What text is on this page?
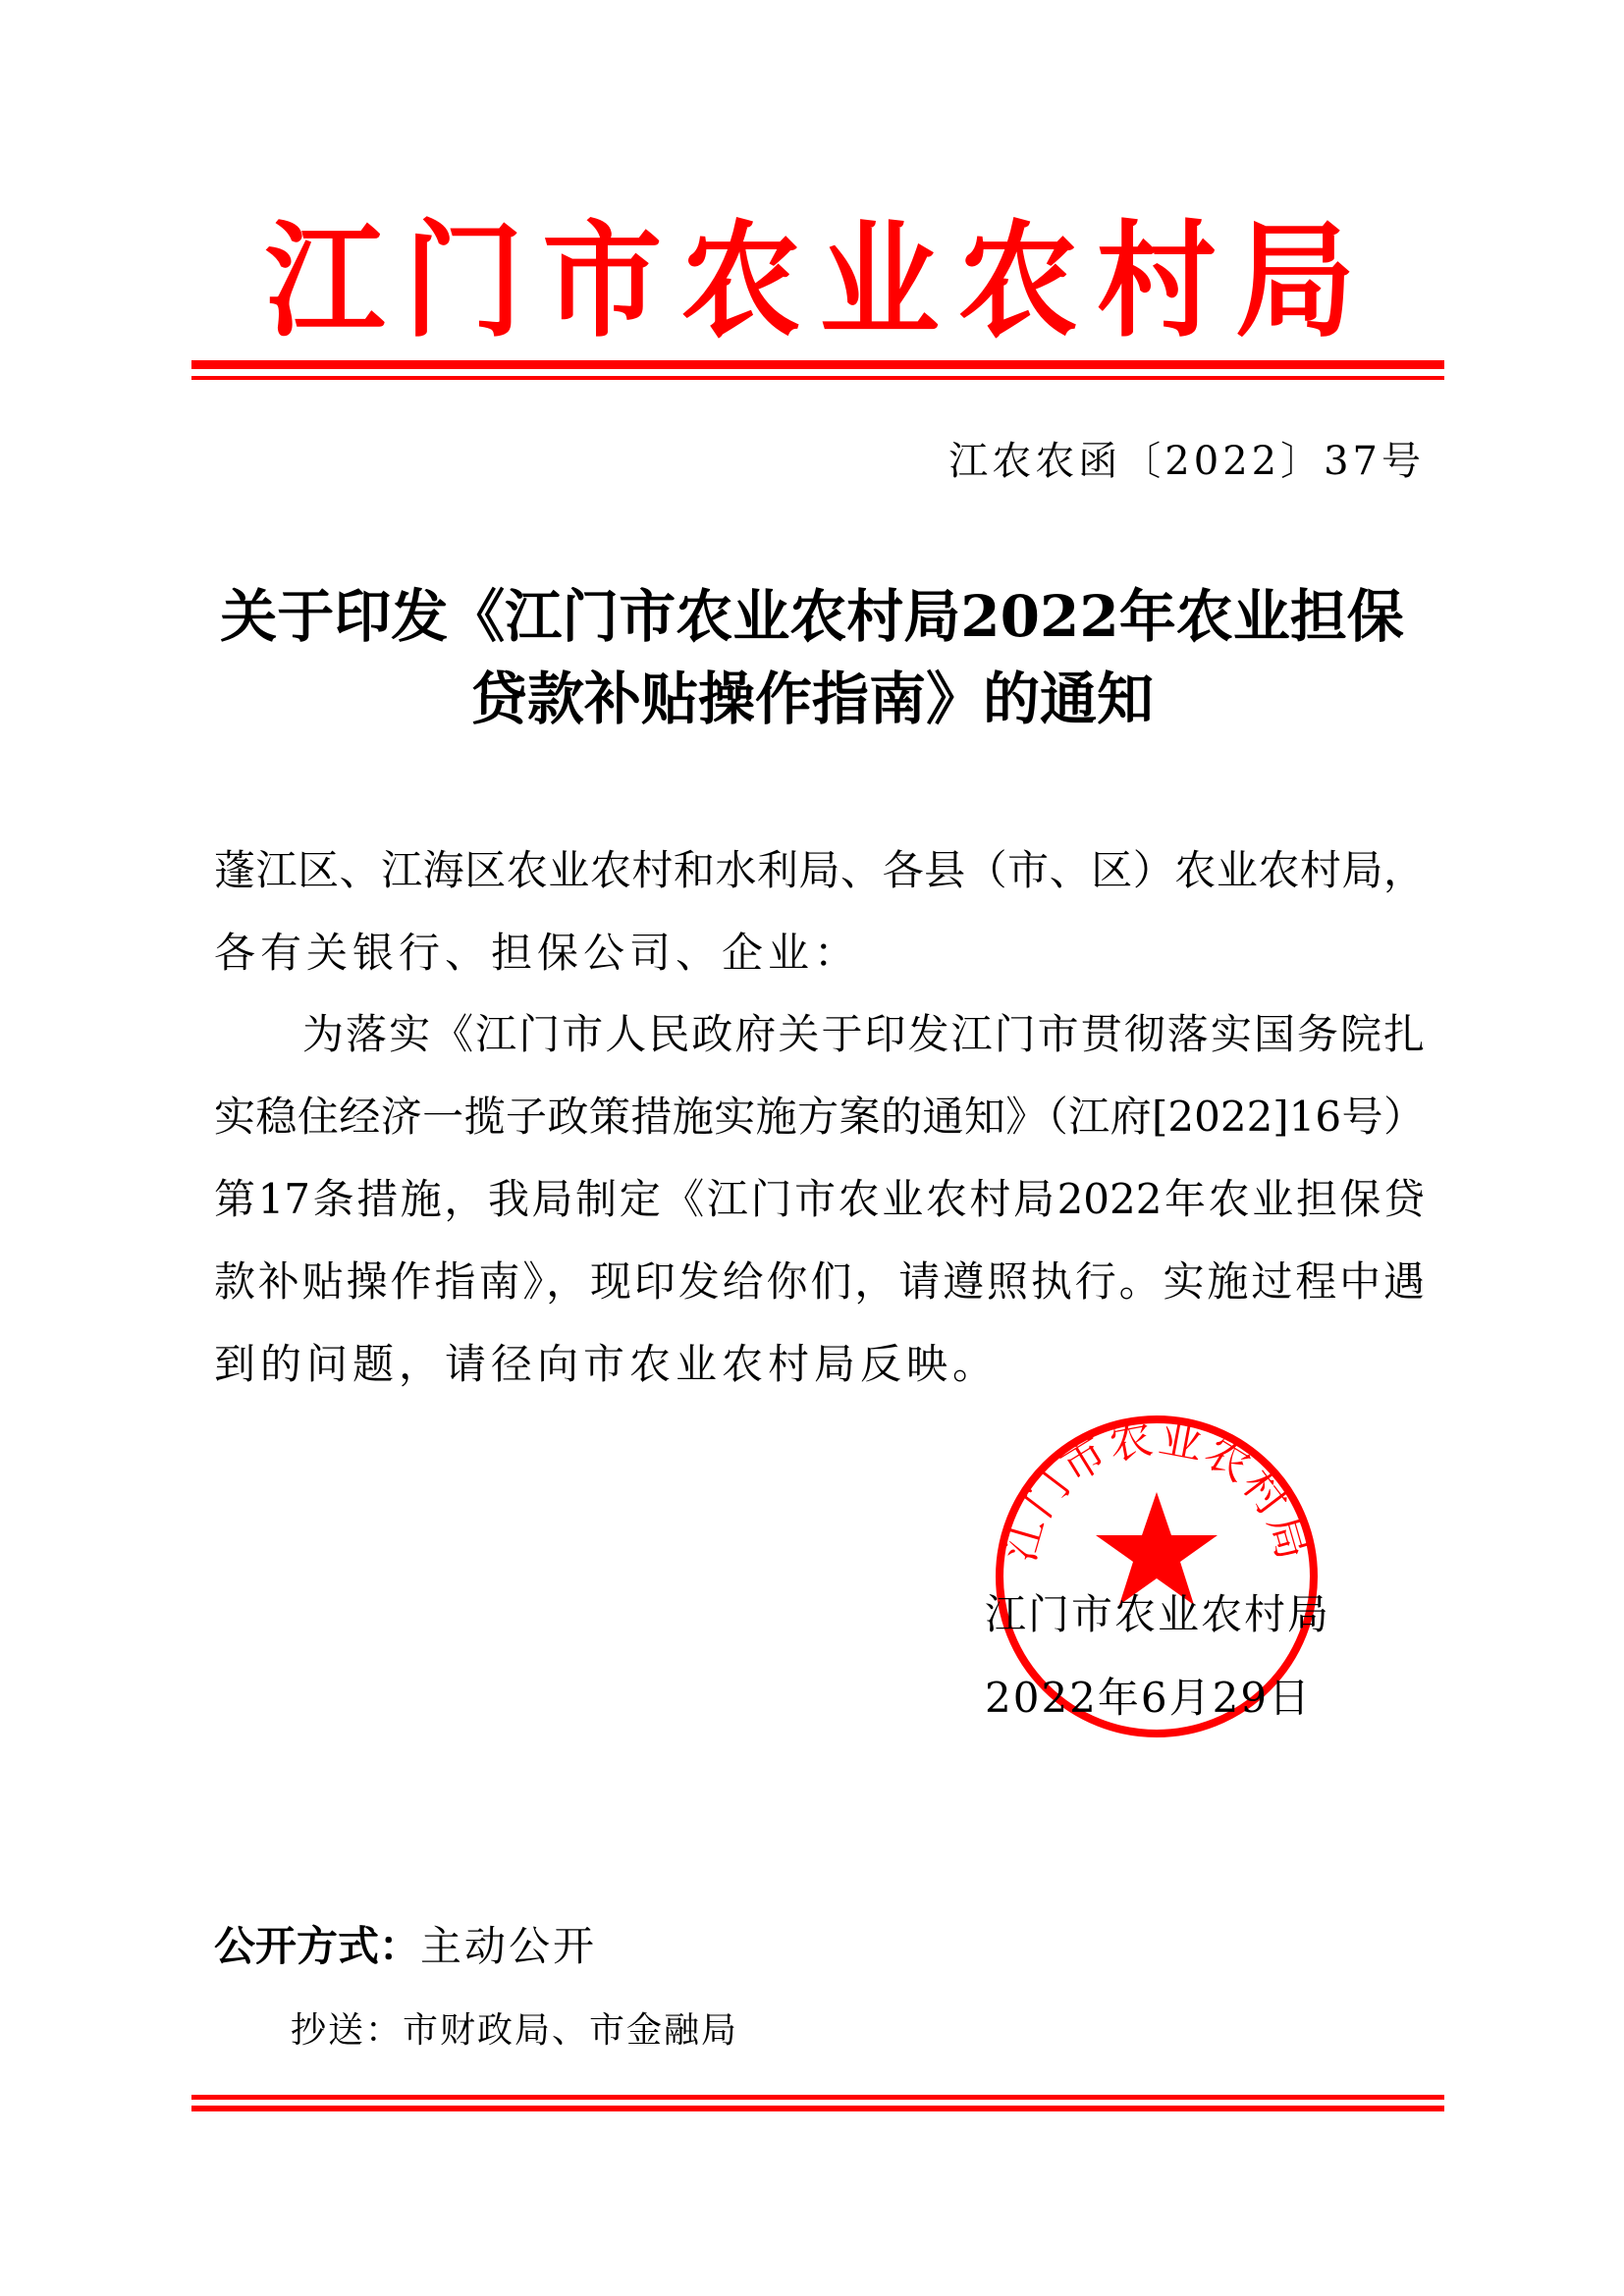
江 门 市 农 业 农 村 局
江农农函〔2022〕37号
关于印发《江门市农业农村局2022年农业担保
贷款补贴操作指南》的通知
蓬江区、江海区农业农村和水利局、各县（市、区）农业农村局，
各有关银行、担保公司、企业：
为落实《江门市人民政府关于印发江门市贯彻落实国务院扎
实稳住经济一揽子政策措施实施方案的通知》（江府[2022]16号）
第17条措施，我局制定《江门市农业农村局2022年农业担保贷
款补贴操作指南》，现印发给你们，请遵照执行。实施过程中遇
到的问题，请径向市农业农村局反映。
江门市农业农村局
江门市农业农村局
2022年6月29日
公开方式：主动公开
抄送：市财政局、市金融局
